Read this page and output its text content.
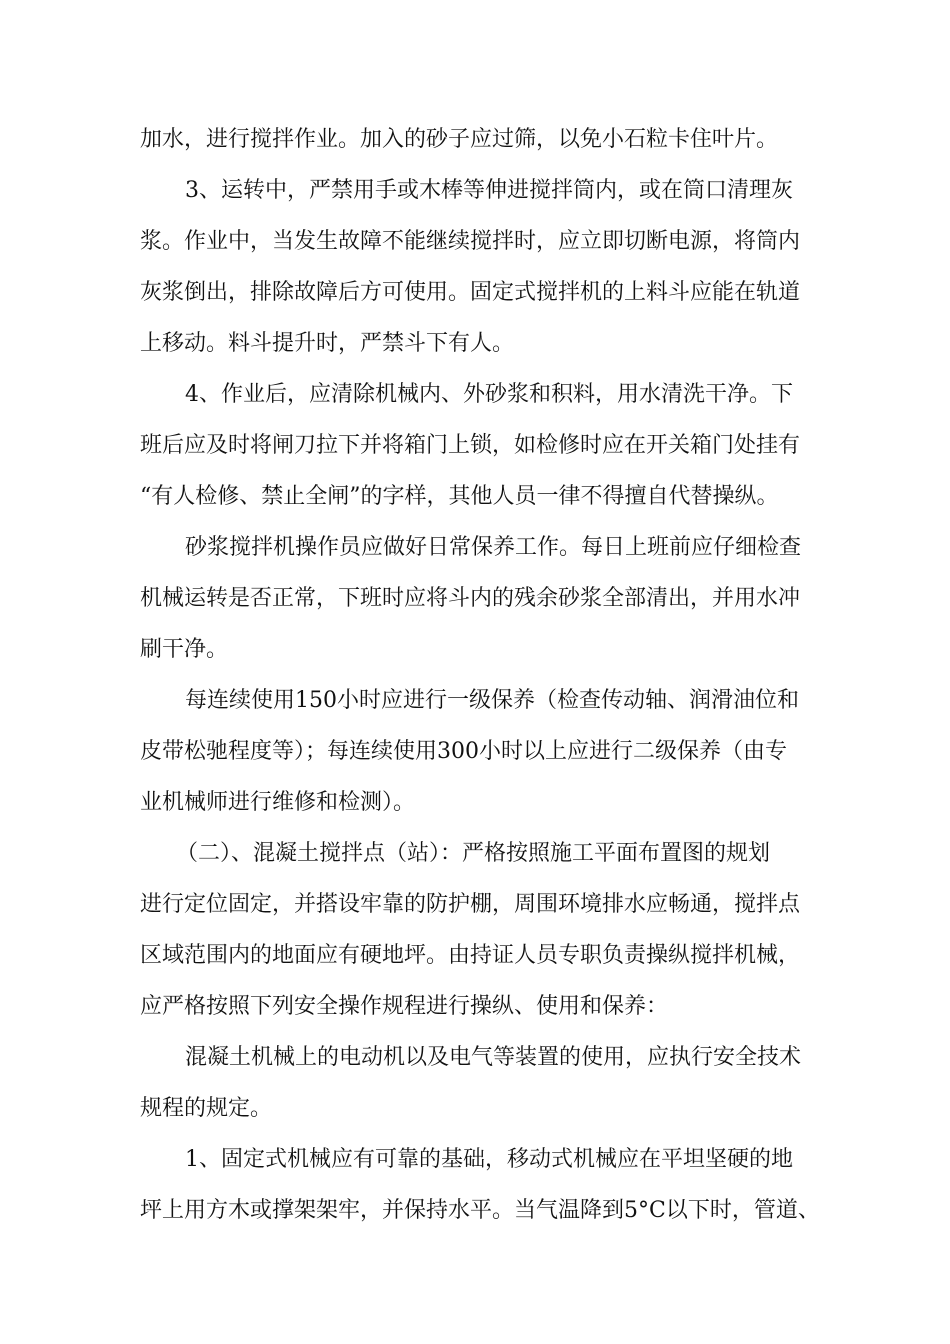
加水，进行搅拌作业。加入的砂子应过筛，以免小石粒卡住叶片。
3、运转中，严禁用手或木棒等伸进搅拌筒内，或在筒口清理灰
浆。作业中，当发生故障不能继续搅拌时，应立即切断电源，将筒内
灰浆倒出，排除故障后方可使用。固定式搅拌机的上料斗应能在轨道
上移动。料斗提升时，严禁斗下有人。
4、作业后，应清除机械内、外砂浆和积料，用水清洗干净。下
班后应及时将闸刀拉下并将箱门上锁，如检修时应在开关箱门处挂有
“有人检修、禁止全闸”的字样，其他人员一律不得擅自代替操纵。
砂浆搅拌机操作员应做好日常保养工作。每日上班前应仔细检查
机械运转是否正常，下班时应将斗内的残余砂浆全部清出，并用水冲
刷干净。
每连续使用150小时应进行一级保养（检查传动轴、润滑油位和
皮带松驰程度等）；每连续使用300小时以上应进行二级保养（由专
业机械师进行维修和检测）。
（二）、混凝土搅拌点（站）：严格按照施工平面布置图的规划
进行定位固定，并搭设牢靠的防护棚，周围环境排水应畅通，搅拌点
区域范围内的地面应有硬地坪。由持证人员专职负责操纵搅拌机械，
应严格按照下列安全操作规程进行操纵、使用和保养：
混凝土机械上的电动机以及电气等装置的使用，应执行安全技术
规程的规定。
1、固定式机械应有可靠的基础，移动式机械应在平坦坚硬的地
坪上用方木或撑架架牢，并保持水平。当气温降到5°C以下时，管道、
